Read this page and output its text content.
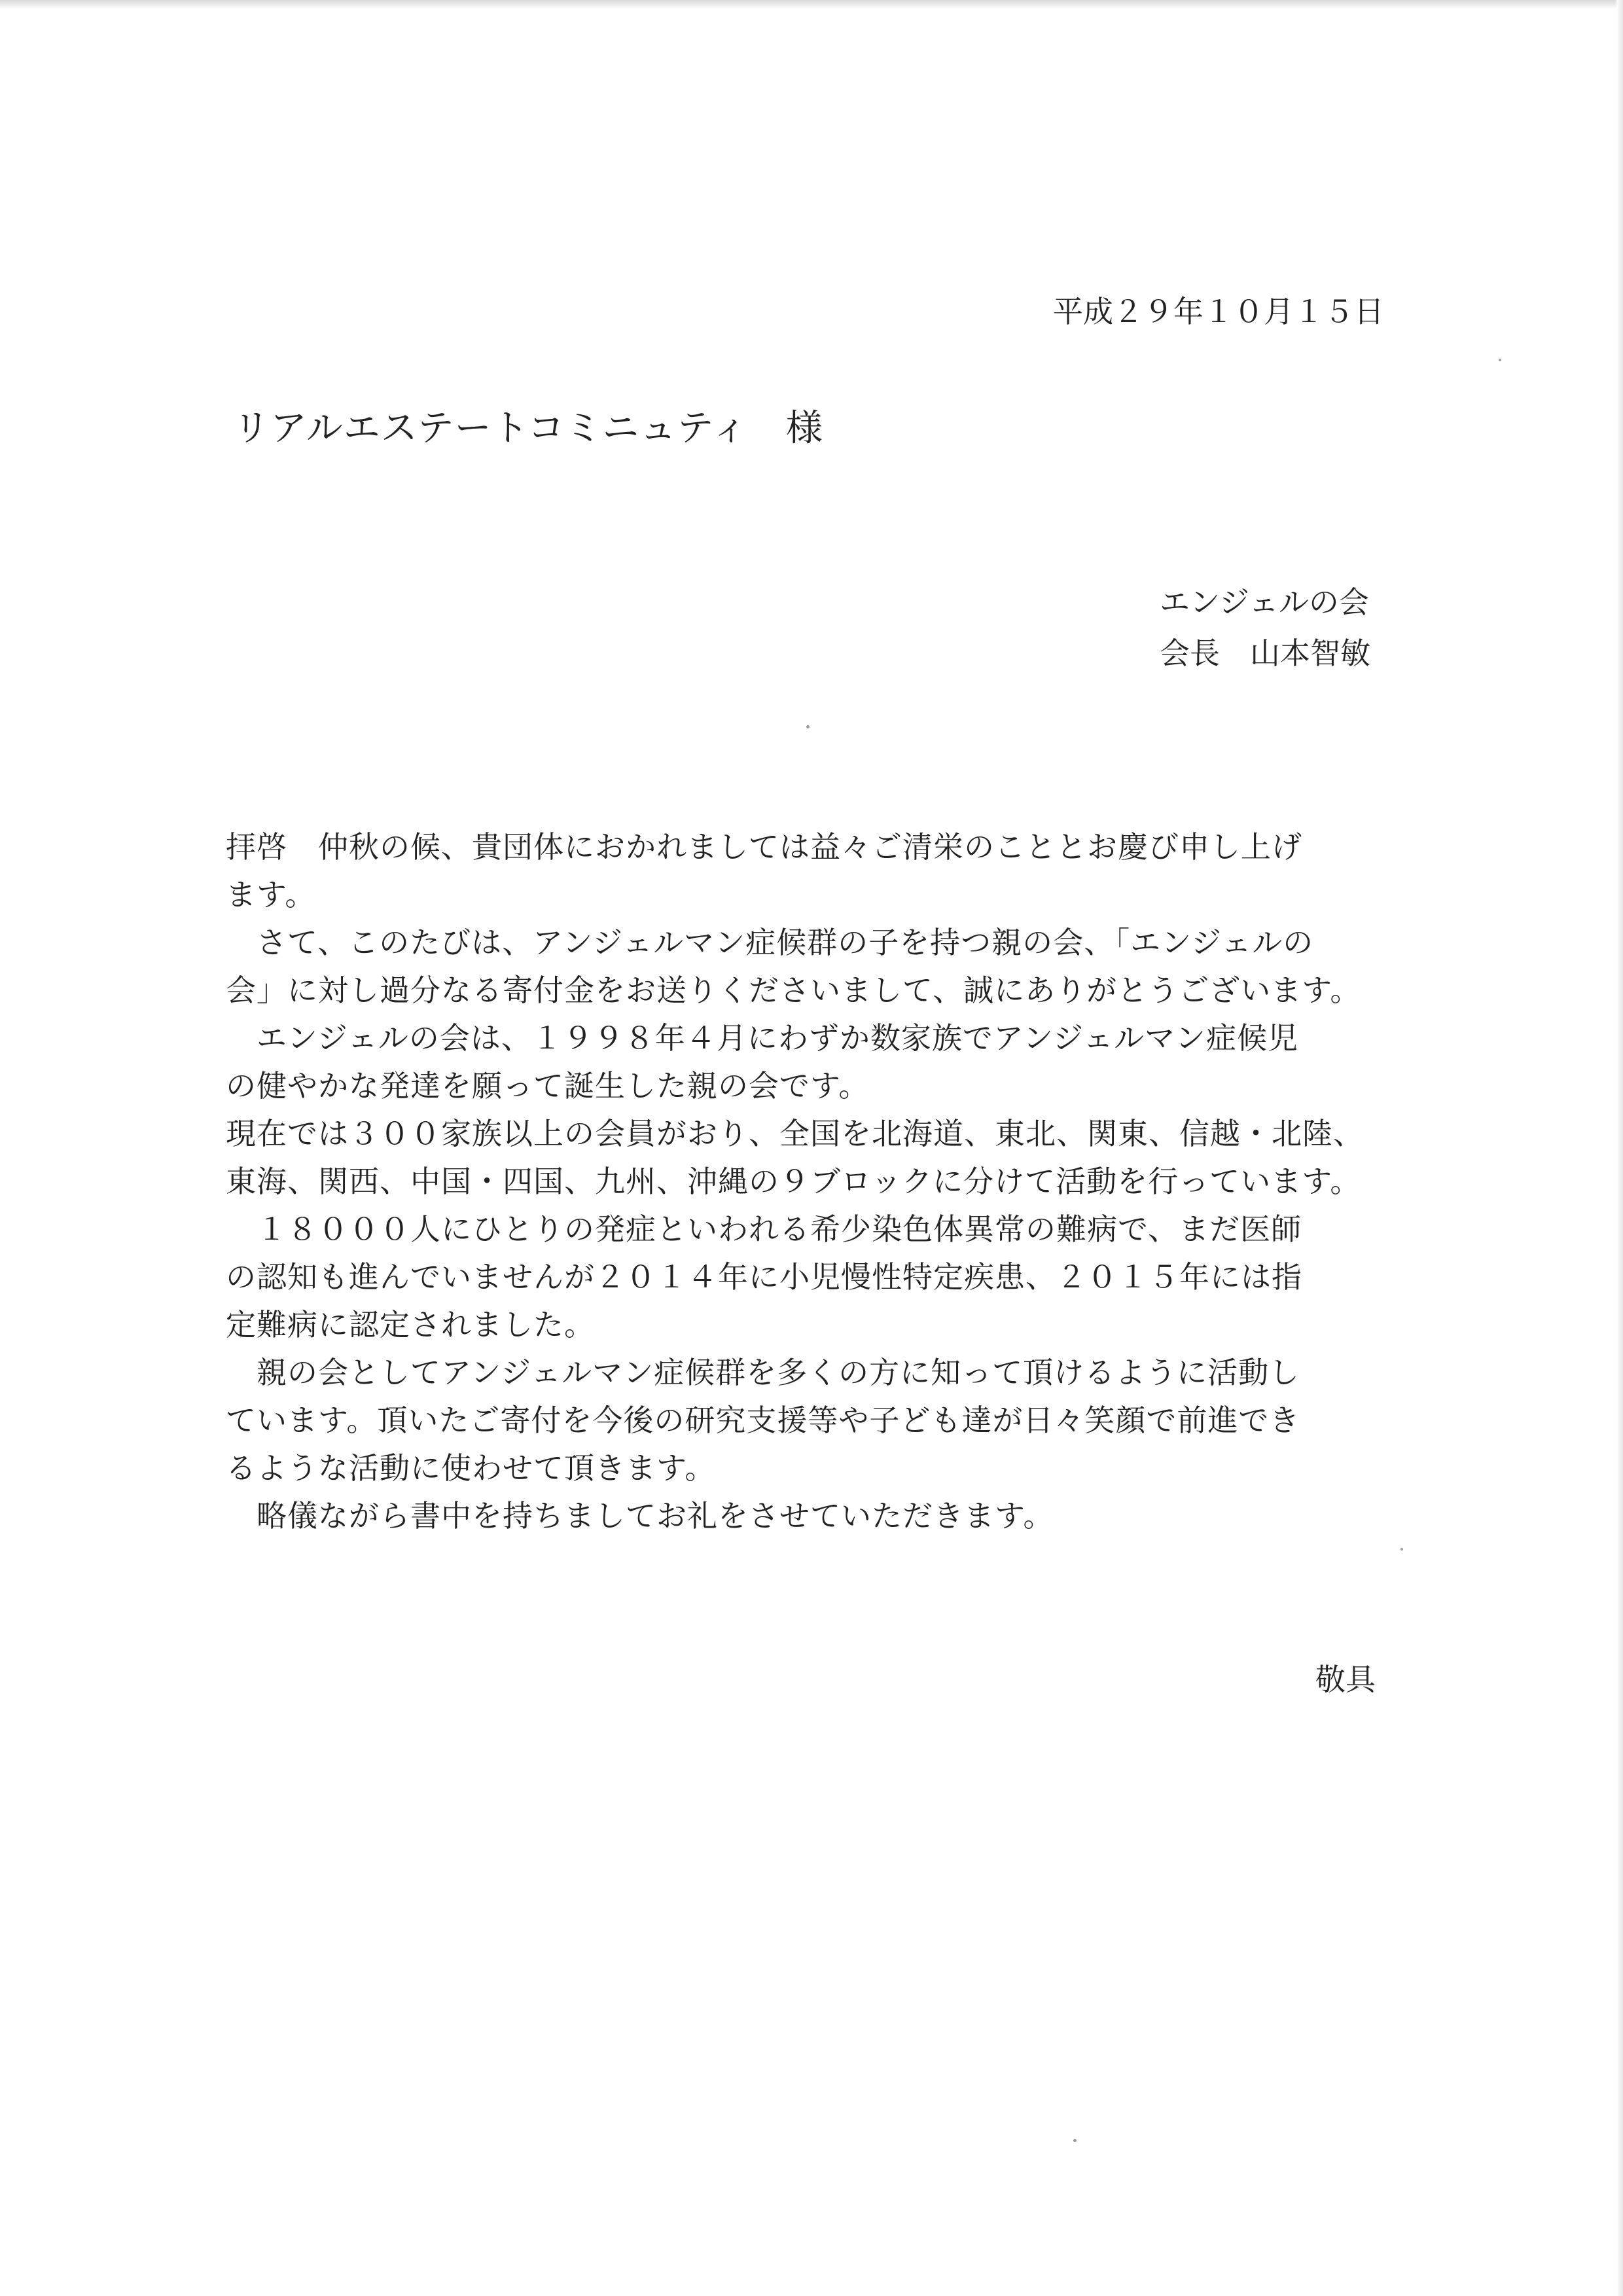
平成２９年１０月１５日
リアルエステートコミニュティ　様
エンジェルの会
会長　山本智敏
拝啓　仲秋の候、貴団体におかれましては益々ご清栄のこととお慶び申し上げ
ます。
　さて、このたびは、アンジェルマン症候群の子を持つ親の会、「エンジェルの
会」に対し過分なる寄付金をお送りくださいまして、誠にありがとうございます。
　エンジェルの会は、１９９８年４月にわずか数家族でアンジェルマン症候児
の健やかな発達を願って誕生した親の会です。
現在では３００家族以上の会員がおり、全国を北海道、東北、関東、信越・北陸、
東海、関西、中国・四国、九州、沖縄の９ブロックに分けて活動を行っています。
　１８０００人にひとりの発症といわれる希少染色体異常の難病で、まだ医師
の認知も進んでいませんが２０１４年に小児慢性特定疾患、２０１５年には指
定難病に認定されました。
　親の会としてアンジェルマン症候群を多くの方に知って頂けるように活動し
ています。頂いたご寄付を今後の研究支援等や子ども達が日々笑顔で前進でき
るような活動に使わせて頂きます。
　略儀ながら書中を持ちましてお礼をさせていただきます。
敬具
